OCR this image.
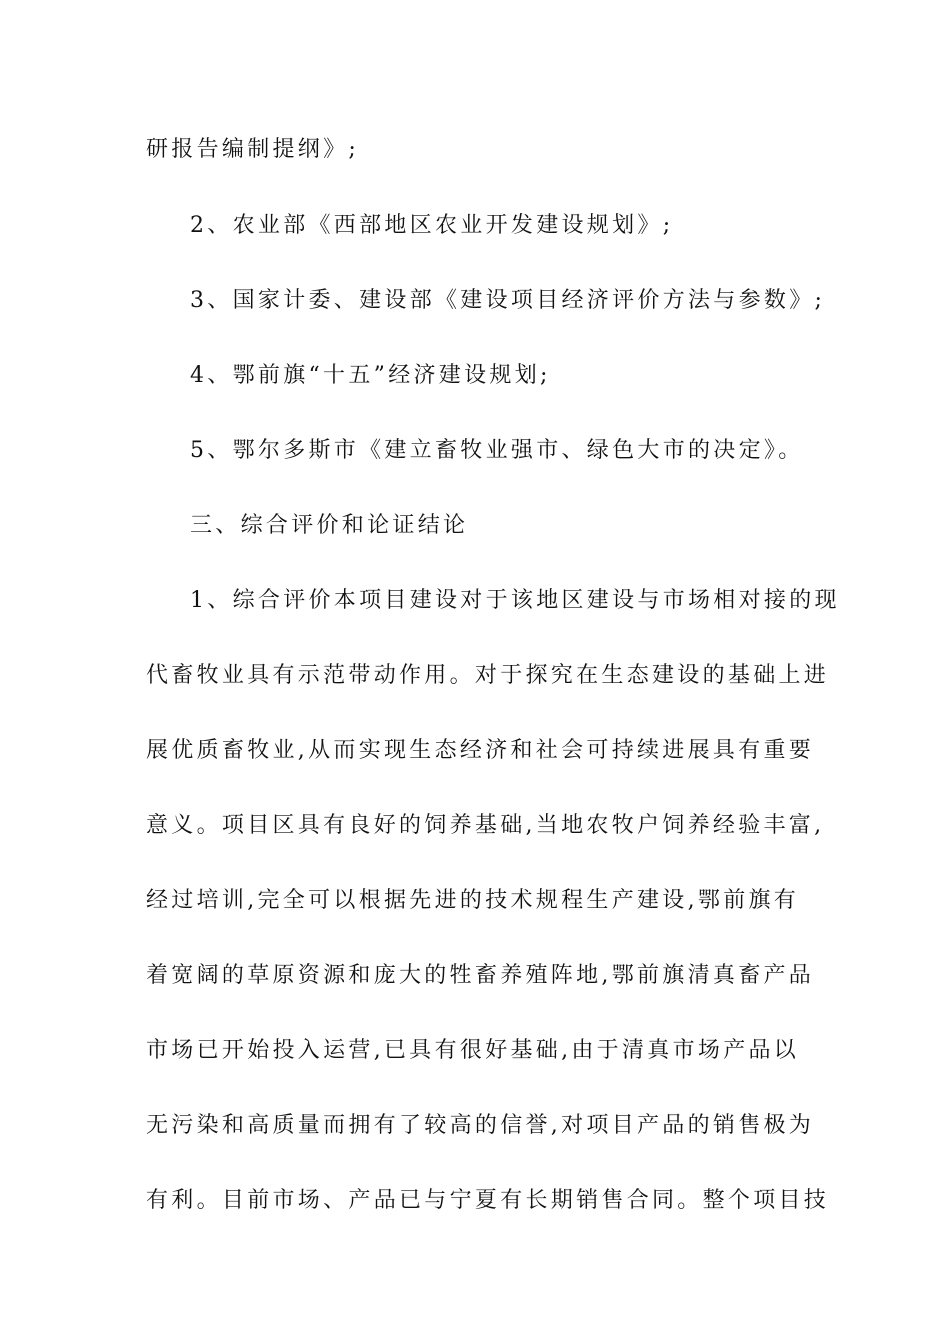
研报告编制提纲》;
2、农业部《西部地区农业开发建设规划》;
3、国家计委、建设部《建设项目经济评价方法与参数》;
4、鄂前旗“十五”经济建设规划;
5、鄂尔多斯市《建立畜牧业强市、绿色大市的决定》。
三、综合评价和论证结论
1、综合评价本项目建设对于该地区建设与市场相对接的现
代畜牧业具有示范带动作用。对于探究在生态建设的基础上进
展优质畜牧业,从而实现生态经济和社会可持续进展具有重要
意义。项目区具有良好的饲养基础,当地农牧户饲养经验丰富,
经过培训,完全可以根据先进的技术规程生产建设,鄂前旗有
着宽阔的草原资源和庞大的牲畜养殖阵地,鄂前旗清真畜产品
市场已开始投入运营,已具有很好基础,由于清真市场产品以
无污染和高质量而拥有了较高的信誉,对项目产品的销售极为
有利。目前市场、产品已与宁夏有长期销售合同。整个项目技
